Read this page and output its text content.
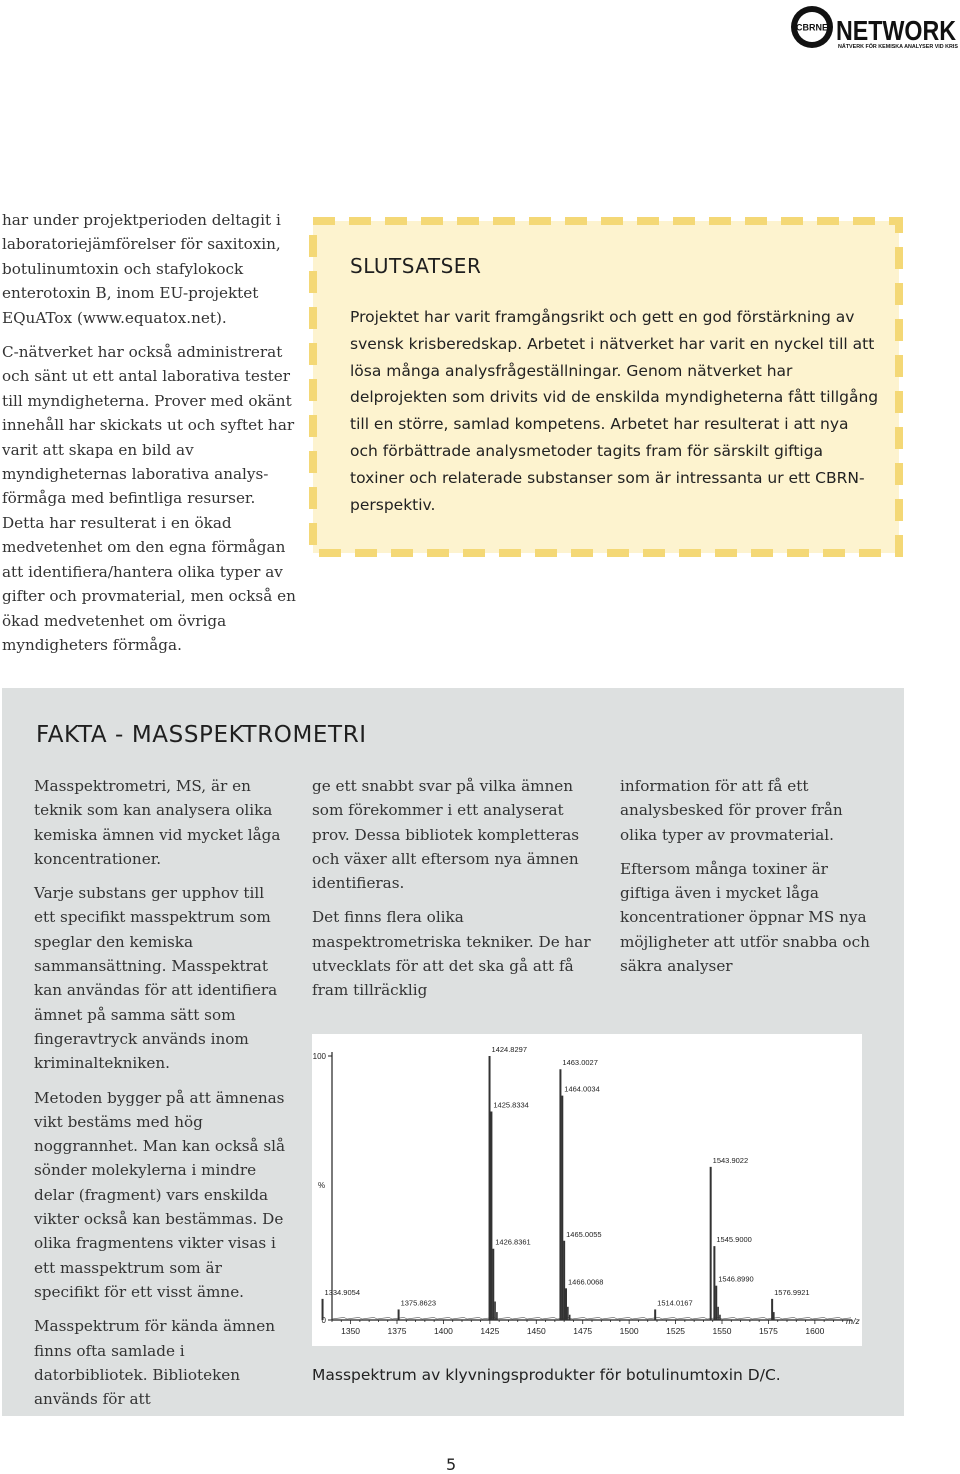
CBRNE NETWORK
NÄTVERK FÖR KEMISKA ANALYSER VID KRIS

har under projektperioden deltagit i laboratoriejämförelser för saxitoxin, botulinumtoxin och stafylokock enterotoxin B, inom EU-projektet EQuATox (www.equatox.net).

C-nätverket har också administrerat och sänt ut ett antal laborativa tester till myndigheterna. Prover med okänt innehåll har skickats ut och syftet har varit att skapa en bild av myndigheternas laborativa analys-förmåga med befintliga resurser. Detta har resulterat i en ökad medvetenhet om den egna förmågan att identifiera/hantera olika typer av gifter och provmaterial, men också en ökad medvetenhet om övriga myndigheters förmåga.

SLUTSATSER
Projektet har varit framgångsrikt och gett en god förstärkning av svensk krisberedskap. Arbetet i nätverket har varit en nyckel till att lösa många analysfrågeställningar. Genom nätverket har delprojekten som drivits vid de enskilda myndigheterna fått tillgång till en större, samlad kompetens. Arbetet har resulterat i att nya och förbättrade analysmetoder tagits fram för särskilt giftiga toxiner och relaterade substanser som är intressanta ur ett CBRN-perspektiv.
FAKTA - MASSPEKTROMETRI

Masspektrometri, MS, är en teknik som kan analysera olika kemiska ämnen vid mycket låga koncentrationer.

Varje substans ger upphov till ett specifikt masspektrum som speglar den kemiska sammansättning. Masspektrat kan användas för att identifiera ämnet på samma sätt som fingeravtryck används inom kriminaltekniken.

Metoden bygger på att ämnenas vikt bestäms med hög noggrannhet. Man kan också slå sönder molekylerna i mindre delar (fragment) vars enskilda vikter också kan bestämmas. De olika fragmentens vikter visas i ett masspektrum som är specifikt för ett visst ämne.

Masspektrum för kända ämnen finns ofta samlade i datorbibliotek. Biblioteken används för att

ge ett snabbt svar på vilka ämnen som förekommer i ett analyserat prov. Dessa bibliotek kompletteras och växer allt eftersom nya ämnen identifieras.

Det finns flera olika maspektrometriska tekniker. De har utvecklats för att det ska gå att få fram tillräcklig

information för att få ett analysbesked för prover från olika typer av provmaterial.

Eftersom många toxiner är giftiga även i mycket låga koncentrationer öppnar MS nya möjligheter att utför snabba och säkra analyser

0
100
%
1350	1375	1400	1425	1450	1475	1500	1525	1550	1575	1600
m/z
1334.9054
1375.8623
1424.8297
1425.8334
1426.8361
1463.0027
1464.0034
1465.0055
1466.0068
1514.0167
1543.9022
1545.9000
1546.8990
1576.9921
Masspektrum av klyvningsprodukter för botulinumtoxin D/C.
5
